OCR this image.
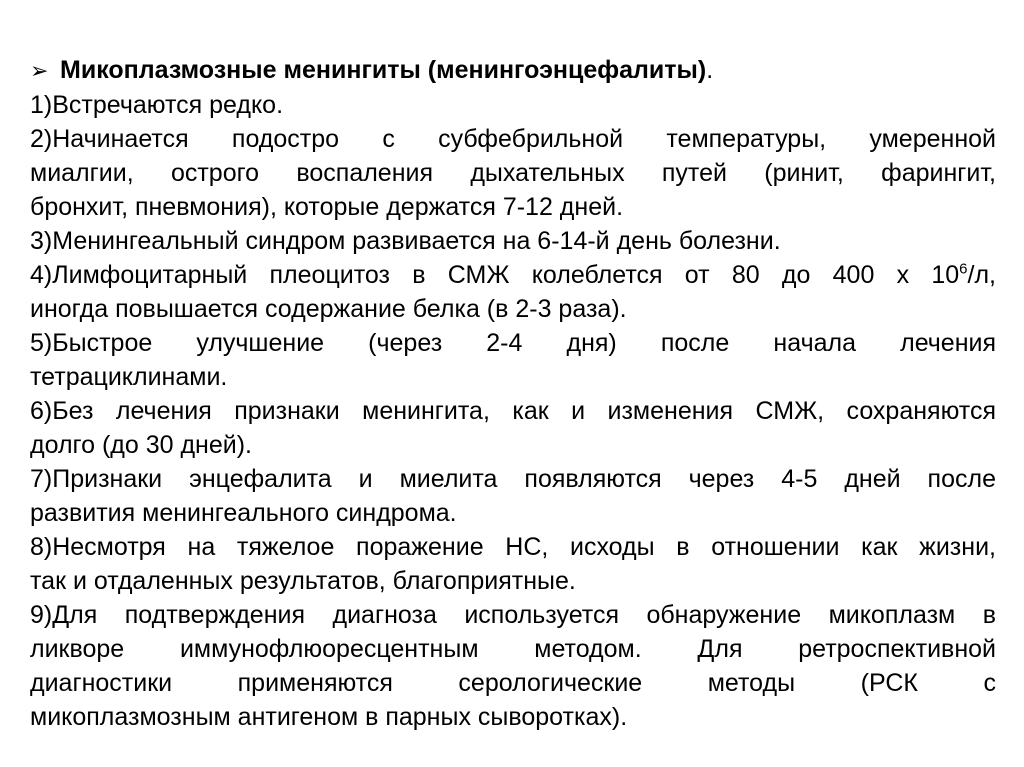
➢ Микоплазмозные менингиты (менингоэнцефалиты).
1)Встречаются редко.
2)Начинается подостро с субфебрильной температуры, умеренной
миалгии, острого воспаления дыхательных путей (ринит, фарингит,
бронхит, пневмония), которые держатся 7-12 дней.
3)Менингеальный синдром развивается на 6-14-й день болезни.
4)Лимфоцитарный плеоцитоз в СМЖ колеблется от 80 до 400 х $10^6/л$,
иногда повышается содержание белка (в 2-3 раза).
5)Быстрое улучшение (через 2-4 дня) после начала лечения
тетрациклинами.
6)Без лечения признаки менингита, как и изменения СМЖ, сохраняются
долго (до 30 дней).
7)Признаки энцефалита и миелита появляются через 4-5 дней после
развития менингеального синдрома.
8)Несмотря на тяжелое поражение НС, исходы в отношении как жизни,
так и отдаленных результатов, благоприятные.
9)Для подтверждения диагноза используется обнаружение микоплазм в
ликворе иммунофлюоресцентным методом. Для ретроспективной
диагностики применяются серологические методы (РСК с
микоплазмозным антигеном в парных сыворотках).
